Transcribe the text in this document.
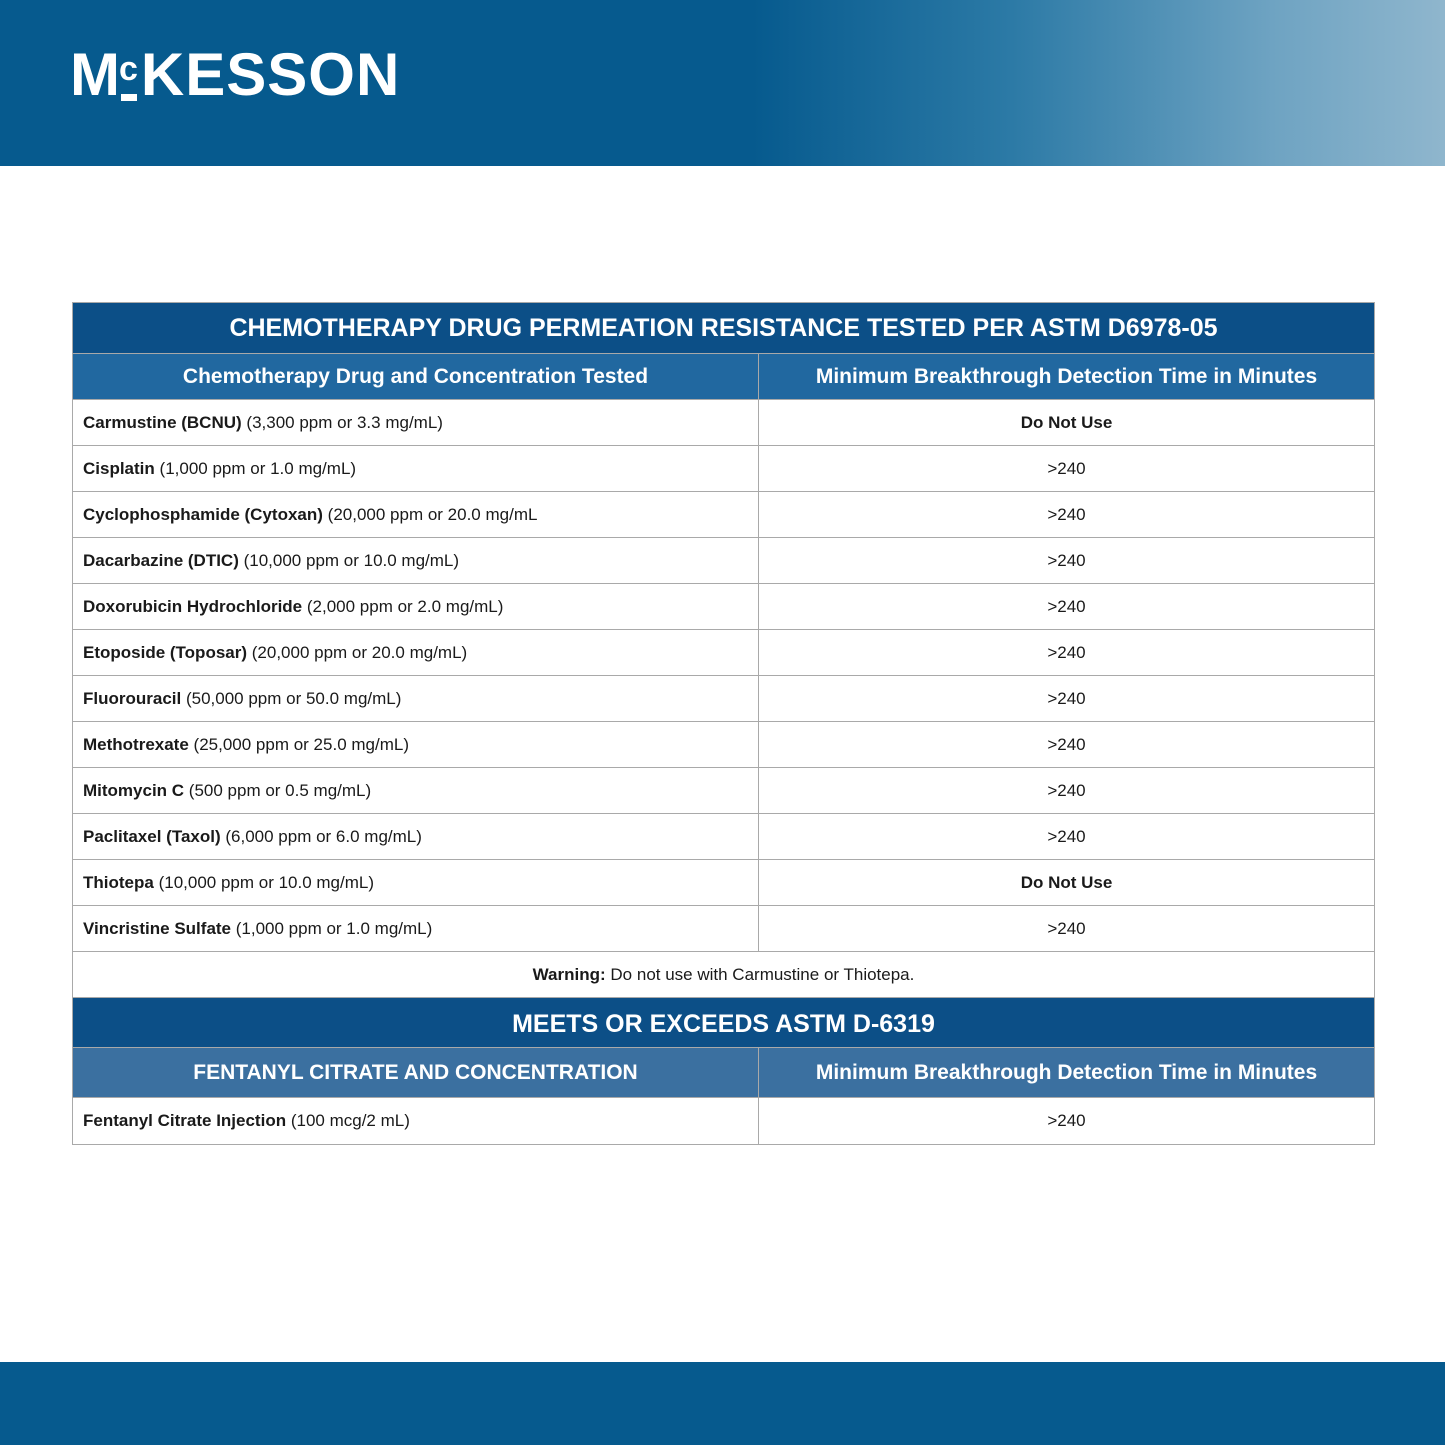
McKESSON
CHEMOTHERAPY DRUG PERMEATION RESISTANCE TESTED PER ASTM D6978-05
Chemotherapy Drug and Concentration Tested	Minimum Breakthrough Detection Time in Minutes
Carmustine (BCNU) (3,300 ppm or 3.3 mg/mL)	Do Not Use
Cisplatin (1,000 ppm or 1.0 mg/mL)	>240
Cyclophosphamide (Cytoxan) (20,000 ppm or 20.0 mg/mL	>240
Dacarbazine (DTIC) (10,000 ppm or 10.0 mg/mL)	>240
Doxorubicin Hydrochloride (2,000 ppm or 2.0 mg/mL)	>240
Etoposide (Toposar) (20,000 ppm or 20.0 mg/mL)	>240
Fluorouracil (50,000 ppm or 50.0 mg/mL)	>240
Methotrexate (25,000 ppm or 25.0 mg/mL)	>240
Mitomycin C (500 ppm or 0.5 mg/mL)	>240
Paclitaxel (Taxol) (6,000 ppm or 6.0 mg/mL)	>240
Thiotepa (10,000 ppm or 10.0 mg/mL)	Do Not Use
Vincristine Sulfate (1,000 ppm or 1.0 mg/mL)	>240
Warning: Do not use with Carmustine or Thiotepa.
MEETS OR EXCEEDS ASTM D-6319
FENTANYL CITRATE AND CONCENTRATION	Minimum Breakthrough Detection Time in Minutes
Fentanyl Citrate Injection (100 mcg/2 mL)	>240
